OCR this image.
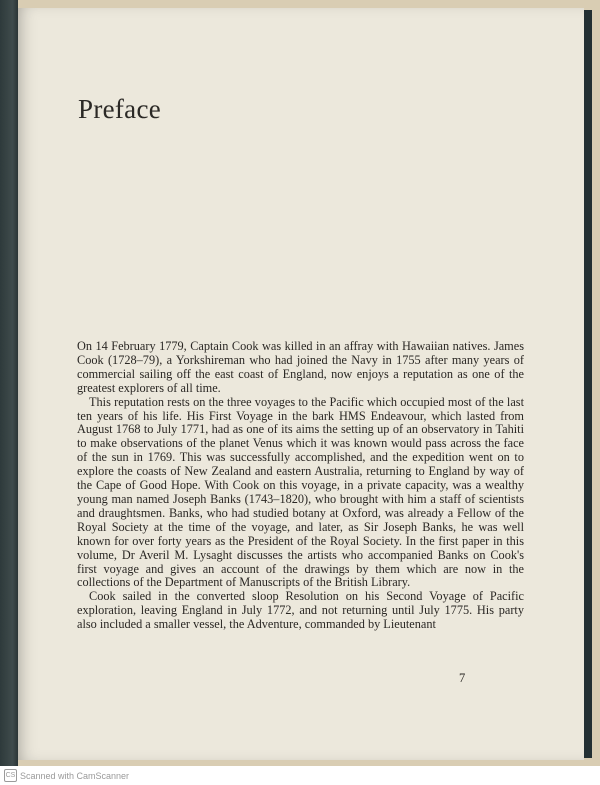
Preface

On 14 February 1779, Captain Cook was killed in an affray with Hawaiian natives. James Cook (1728–79), a Yorkshireman who had joined the Navy in 1755 after many years of commercial sailing off the east coast of England, now enjoys a reputation as one of the greatest explorers of all time.

This reputation rests on the three voyages to the Pacific which occupied most of the last ten years of his life. His First Voyage in the bark HMS Endeavour, which lasted from August 1768 to July 1771, had as one of its aims the setting up of an observatory in Tahiti to make observations of the planet Venus which it was known would pass across the face of the sun in 1769. This was successfully accomplished, and the expedition went on to explore the coasts of New Zealand and eastern Australia, returning to England by way of the Cape of Good Hope. With Cook on this voyage, in a private capacity, was a wealthy young man named Joseph Banks (1743–1820), who brought with him a staff of scientists and draughtsmen. Banks, who had studied botany at Oxford, was already a Fellow of the Royal Society at the time of the voyage, and later, as Sir Joseph Banks, he was well known for over forty years as the President of the Royal Society. In the first paper in this volume, Dr Averil M. Lysaght discusses the artists who accompanied Banks on Cook's first voyage and gives an account of the drawings by them which are now in the collections of the Department of Manuscripts of the British Library.

Cook sailed in the converted sloop Resolution on his Second Voyage of Pacific exploration, leaving England in July 1772, and not returning until July 1775. His party also included a smaller vessel, the Adventure, commanded by Lieutenant

7
CS Scanned with CamScanner
